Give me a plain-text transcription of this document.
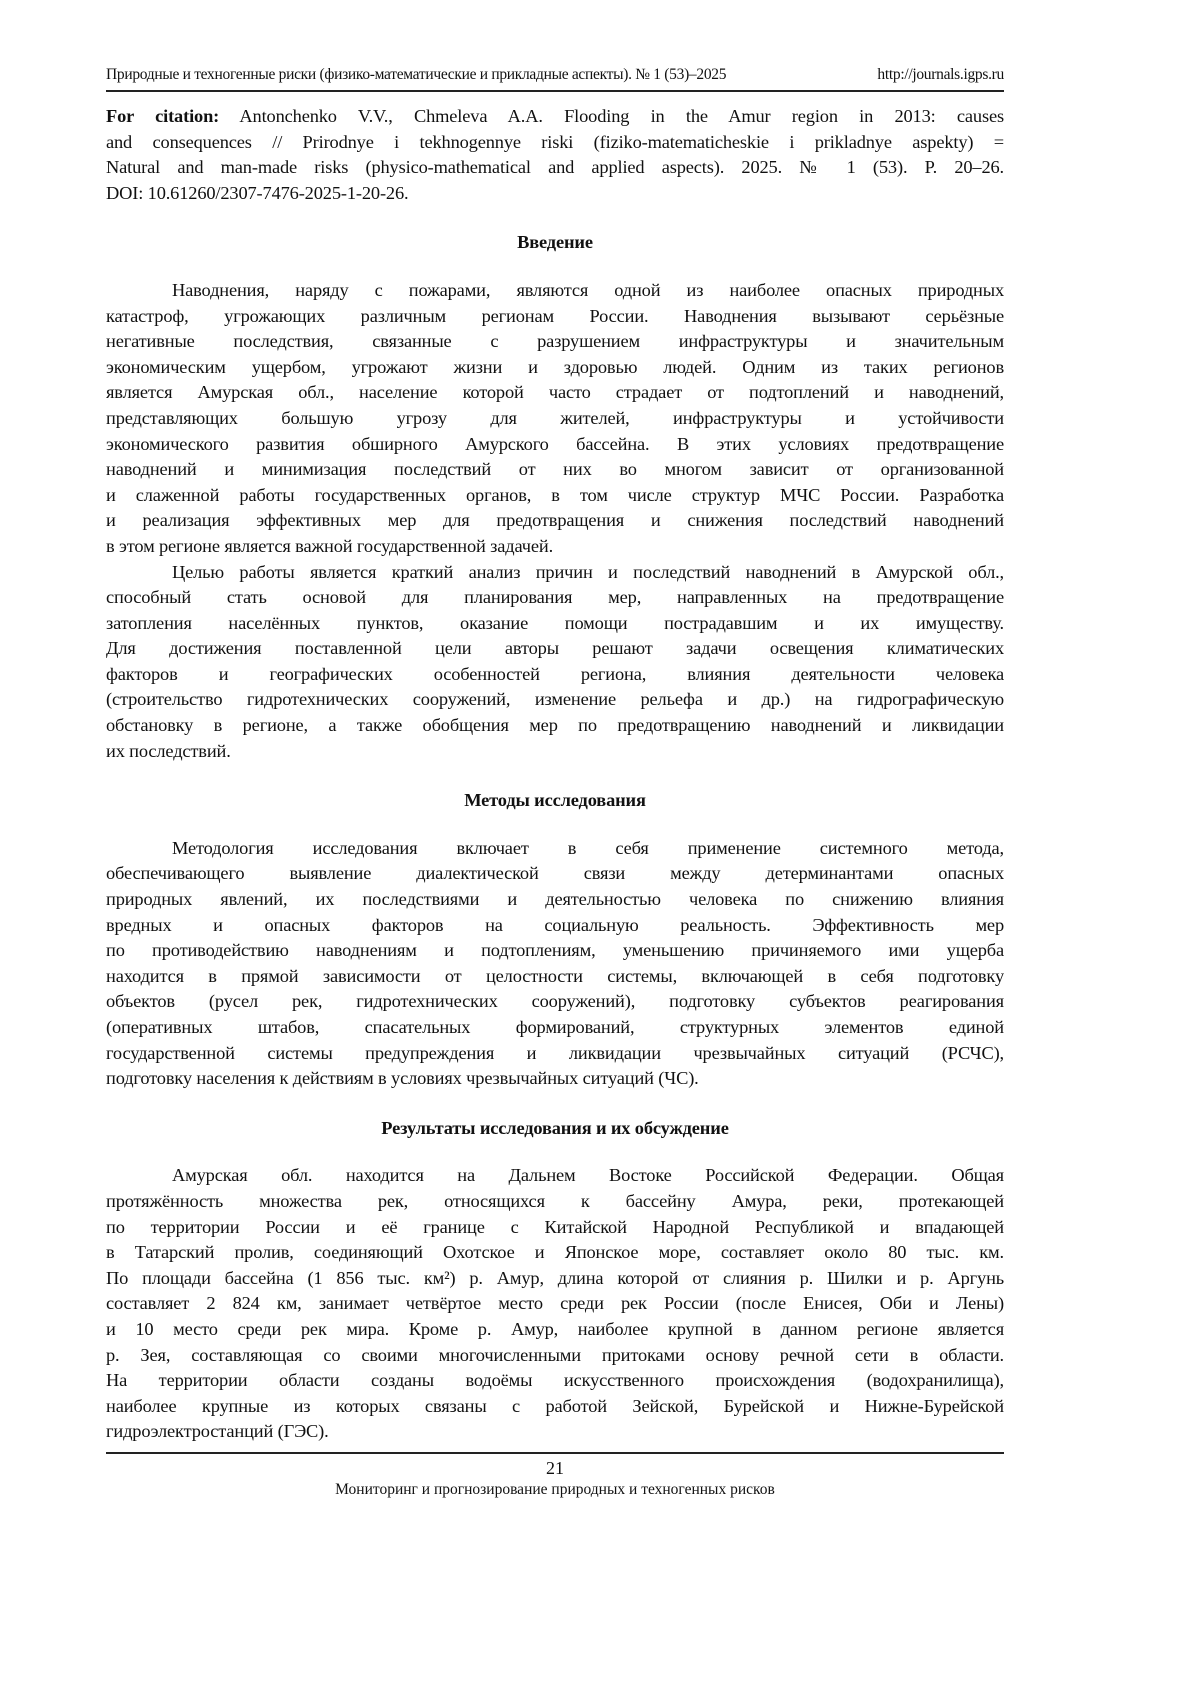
Природные и техногенные риски (физико-математические и прикладные аспекты). № 1 (53)–2025	http://journals.igps.ru
For citation: Antonchenko V.V., Chmeleva A.A. Flooding in the Amur region in 2013: causes
and consequences // Prirodnye i tekhnogennye riski (fiziko-matematicheskie i prikladnye aspekty) =
Natural and man-made risks (physico-mathematical and applied aspects). 2025. № 1 (53). P. 20–26.
DOI: 10.61260/2307-7476-2025-1-20-26.
Введение
Наводнения, наряду с пожарами, являются одной из наиболее опасных природных
катастроф, угрожающих различным регионам России. Наводнения вызывают серьёзные
негативные последствия, связанные с разрушением инфраструктуры и значительным
экономическим ущербом, угрожают жизни и здоровью людей. Одним из таких регионов
является Амурская обл., население которой часто страдает от подтоплений и наводнений,
представляющих большую угрозу для жителей, инфраструктуры и устойчивости
экономического развития обширного Амурского бассейна. В этих условиях предотвращение
наводнений и минимизация последствий от них во многом зависит от организованной
и слаженной работы государственных органов, в том числе структур МЧС России. Разработка
и реализация эффективных мер для предотвращения и снижения последствий наводнений
в этом регионе является важной государственной задачей.
Целью работы является краткий анализ причин и последствий наводнений в Амурской обл.,
способный стать основой для планирования мер, направленных на предотвращение
затопления населённых пунктов, оказание помощи пострадавшим и их имуществу.
Для достижения поставленной цели авторы решают задачи освещения климатических
факторов и географических особенностей региона, влияния деятельности человека
(строительство гидротехнических сооружений, изменение рельефа и др.) на гидрографическую
обстановку в регионе, а также обобщения мер по предотвращению наводнений и ликвидации
их последствий.
Методы исследования
Методология исследования включает в себя применение системного метода,
обеспечивающего выявление диалектической связи между детерминантами опасных
природных явлений, их последствиями и деятельностью человека по снижению влияния
вредных и опасных факторов на социальную реальность. Эффективность мер
по противодействию наводнениям и подтоплениям, уменьшению причиняемого ими ущерба
находится в прямой зависимости от целостности системы, включающей в себя подготовку
объектов (русел рек, гидротехнических сооружений), подготовку субъектов реагирования
(оперативных штабов, спасательных формирований, структурных элементов единой
государственной системы предупреждения и ликвидации чрезвычайных ситуаций (РСЧС),
подготовку населения к действиям в условиях чрезвычайных ситуаций (ЧС).
Результаты исследования и их обсуждение
Амурская обл. находится на Дальнем Востоке Российской Федерации. Общая
протяжённость множества рек, относящихся к бассейну Амура, реки, протекающей
по территории России и её границе с Китайской Народной Республикой и впадающей
в Татарский пролив, соединяющий Охотское и Японское море, составляет около 80 тыс. км.
По площади бассейна (1 856 тыс. км²) р. Амур, длина которой от слияния р. Шилки и р. Аргунь
составляет 2 824 км, занимает четвёртое место среди рек России (после Енисея, Оби и Лены)
и 10 место среди рек мира. Кроме р. Амур, наиболее крупной в данном регионе является
р. Зея, составляющая со своими многочисленными притоками основу речной сети в области.
На территории области созданы водоёмы искусственного происхождения (водохранилища),
наиболее крупные из которых связаны с работой Зейской, Бурейской и Нижне-Бурейской
гидроэлектростанций (ГЭС).
21
Мониторинг и прогнозирование природных и техногенных рисков
